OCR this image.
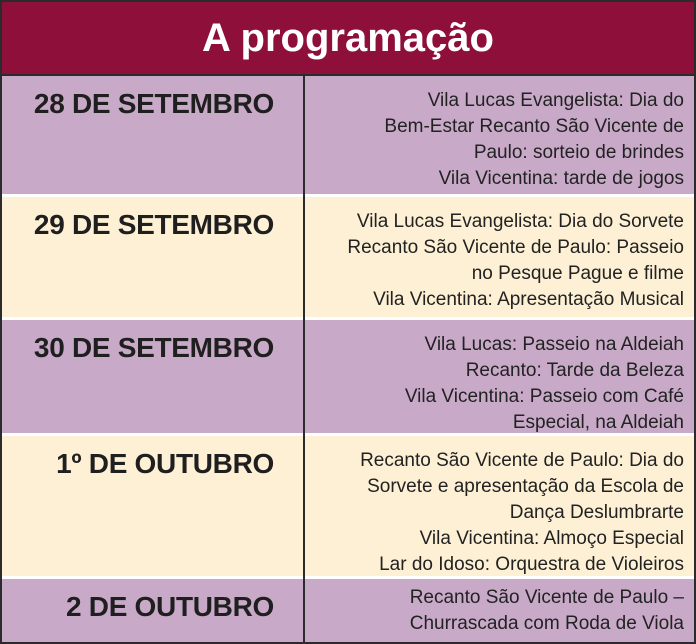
A programação
28 DE SETEMBRO	Vila Lucas Evangelista: Dia do
Bem-Estar Recanto São Vicente de
Paulo: sorteio de brindes
Vila Vicentina: tarde de jogos
29 DE SETEMBRO	Vila Lucas Evangelista: Dia do Sorvete
Recanto São Vicente de Paulo: Passeio
no Pesque Pague e filme
Vila Vicentina: Apresentação Musical
30 DE SETEMBRO	Vila Lucas: Passeio na Aldeiah
Recanto: Tarde da Beleza
Vila Vicentina: Passeio com Café
Especial, na Aldeiah
1º DE OUTUBRO	Recanto São Vicente de Paulo: Dia do
Sorvete e apresentação da Escola de
Dança Deslumbrarte
Vila Vicentina: Almoço Especial
Lar do Idoso: Orquestra de Violeiros
2 DE OUTUBRO	Recanto São Vicente de Paulo –
Churrascada com Roda de Viola
